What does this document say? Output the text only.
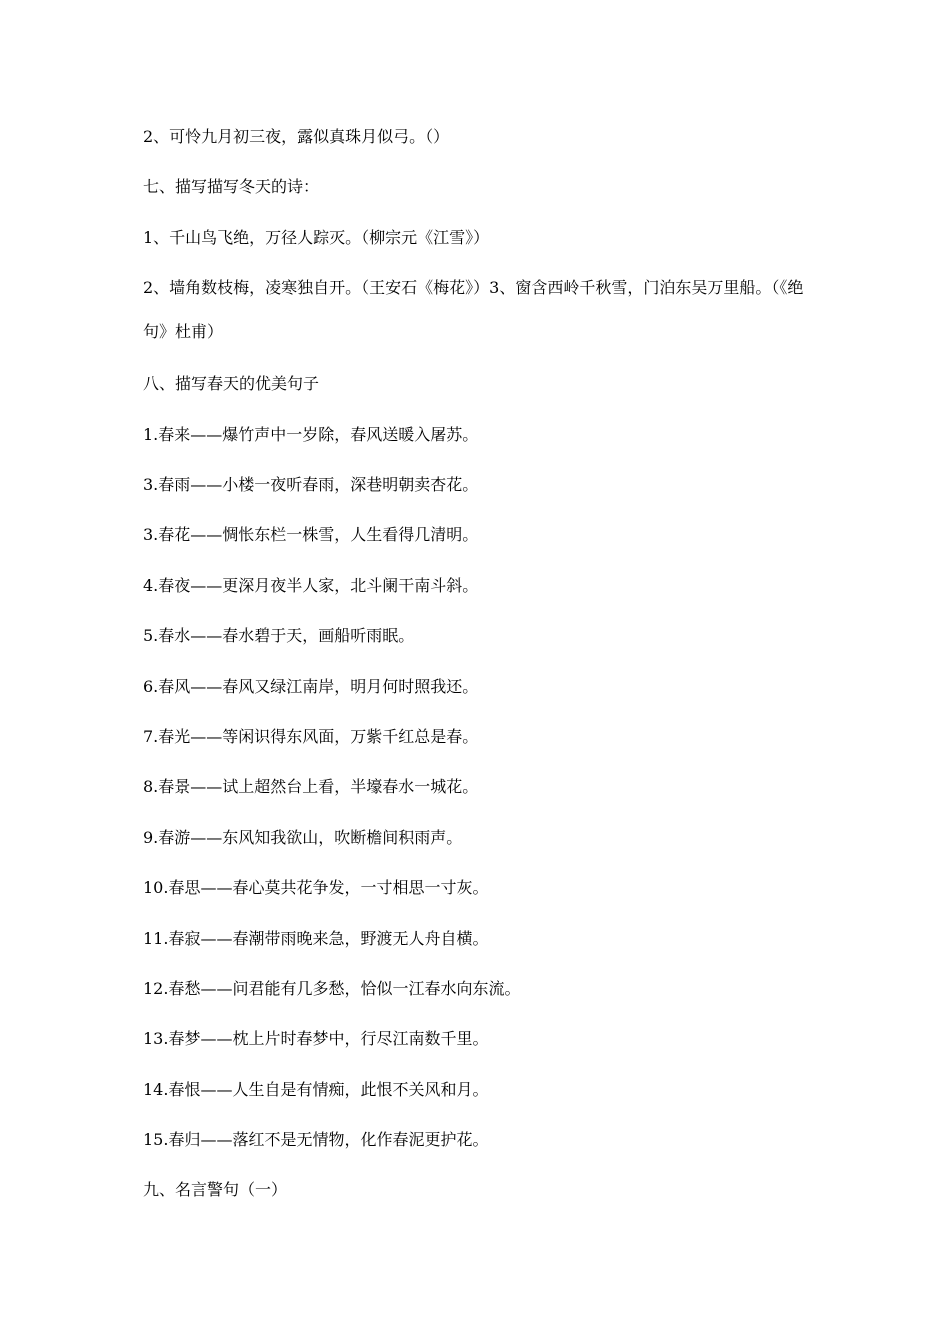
2、可怜九月初三夜，露似真珠月似弓。（）
七、描写描写冬天的诗：
1、千山鸟飞绝，万径人踪灭。（柳宗元《江雪》）
2、墙角数枝梅，凌寒独自开。（王安石《梅花》）3、窗含西岭千秋雪，门泊东吴万里船。（《绝句》杜甫）
八、描写春天的优美句子
1.春来——爆竹声中一岁除，春风送暖入屠苏。
3.春雨——小楼一夜听春雨，深巷明朝卖杏花。
3.春花——惆怅东栏一株雪，人生看得几清明。
4.春夜——更深月夜半人家，北斗阑干南斗斜。
5.春水——春水碧于天，画船听雨眠。
6.春风——春风又绿江南岸，明月何时照我还。
7.春光——等闲识得东风面，万紫千红总是春。
8.春景——试上超然台上看，半壕春水一城花。
9.春游——东风知我欲山，吹断檐间积雨声。
10.春思——春心莫共花争发，一寸相思一寸灰。
11.春寂——春潮带雨晚来急，野渡无人舟自横。
12.春愁——问君能有几多愁，恰似一江春水向东流。
13.春梦——枕上片时春梦中，行尽江南数千里。
14.春恨——人生自是有情痴，此恨不关风和月。
15.春归——落红不是无情物，化作春泥更护花。
九、名言警句（一）
